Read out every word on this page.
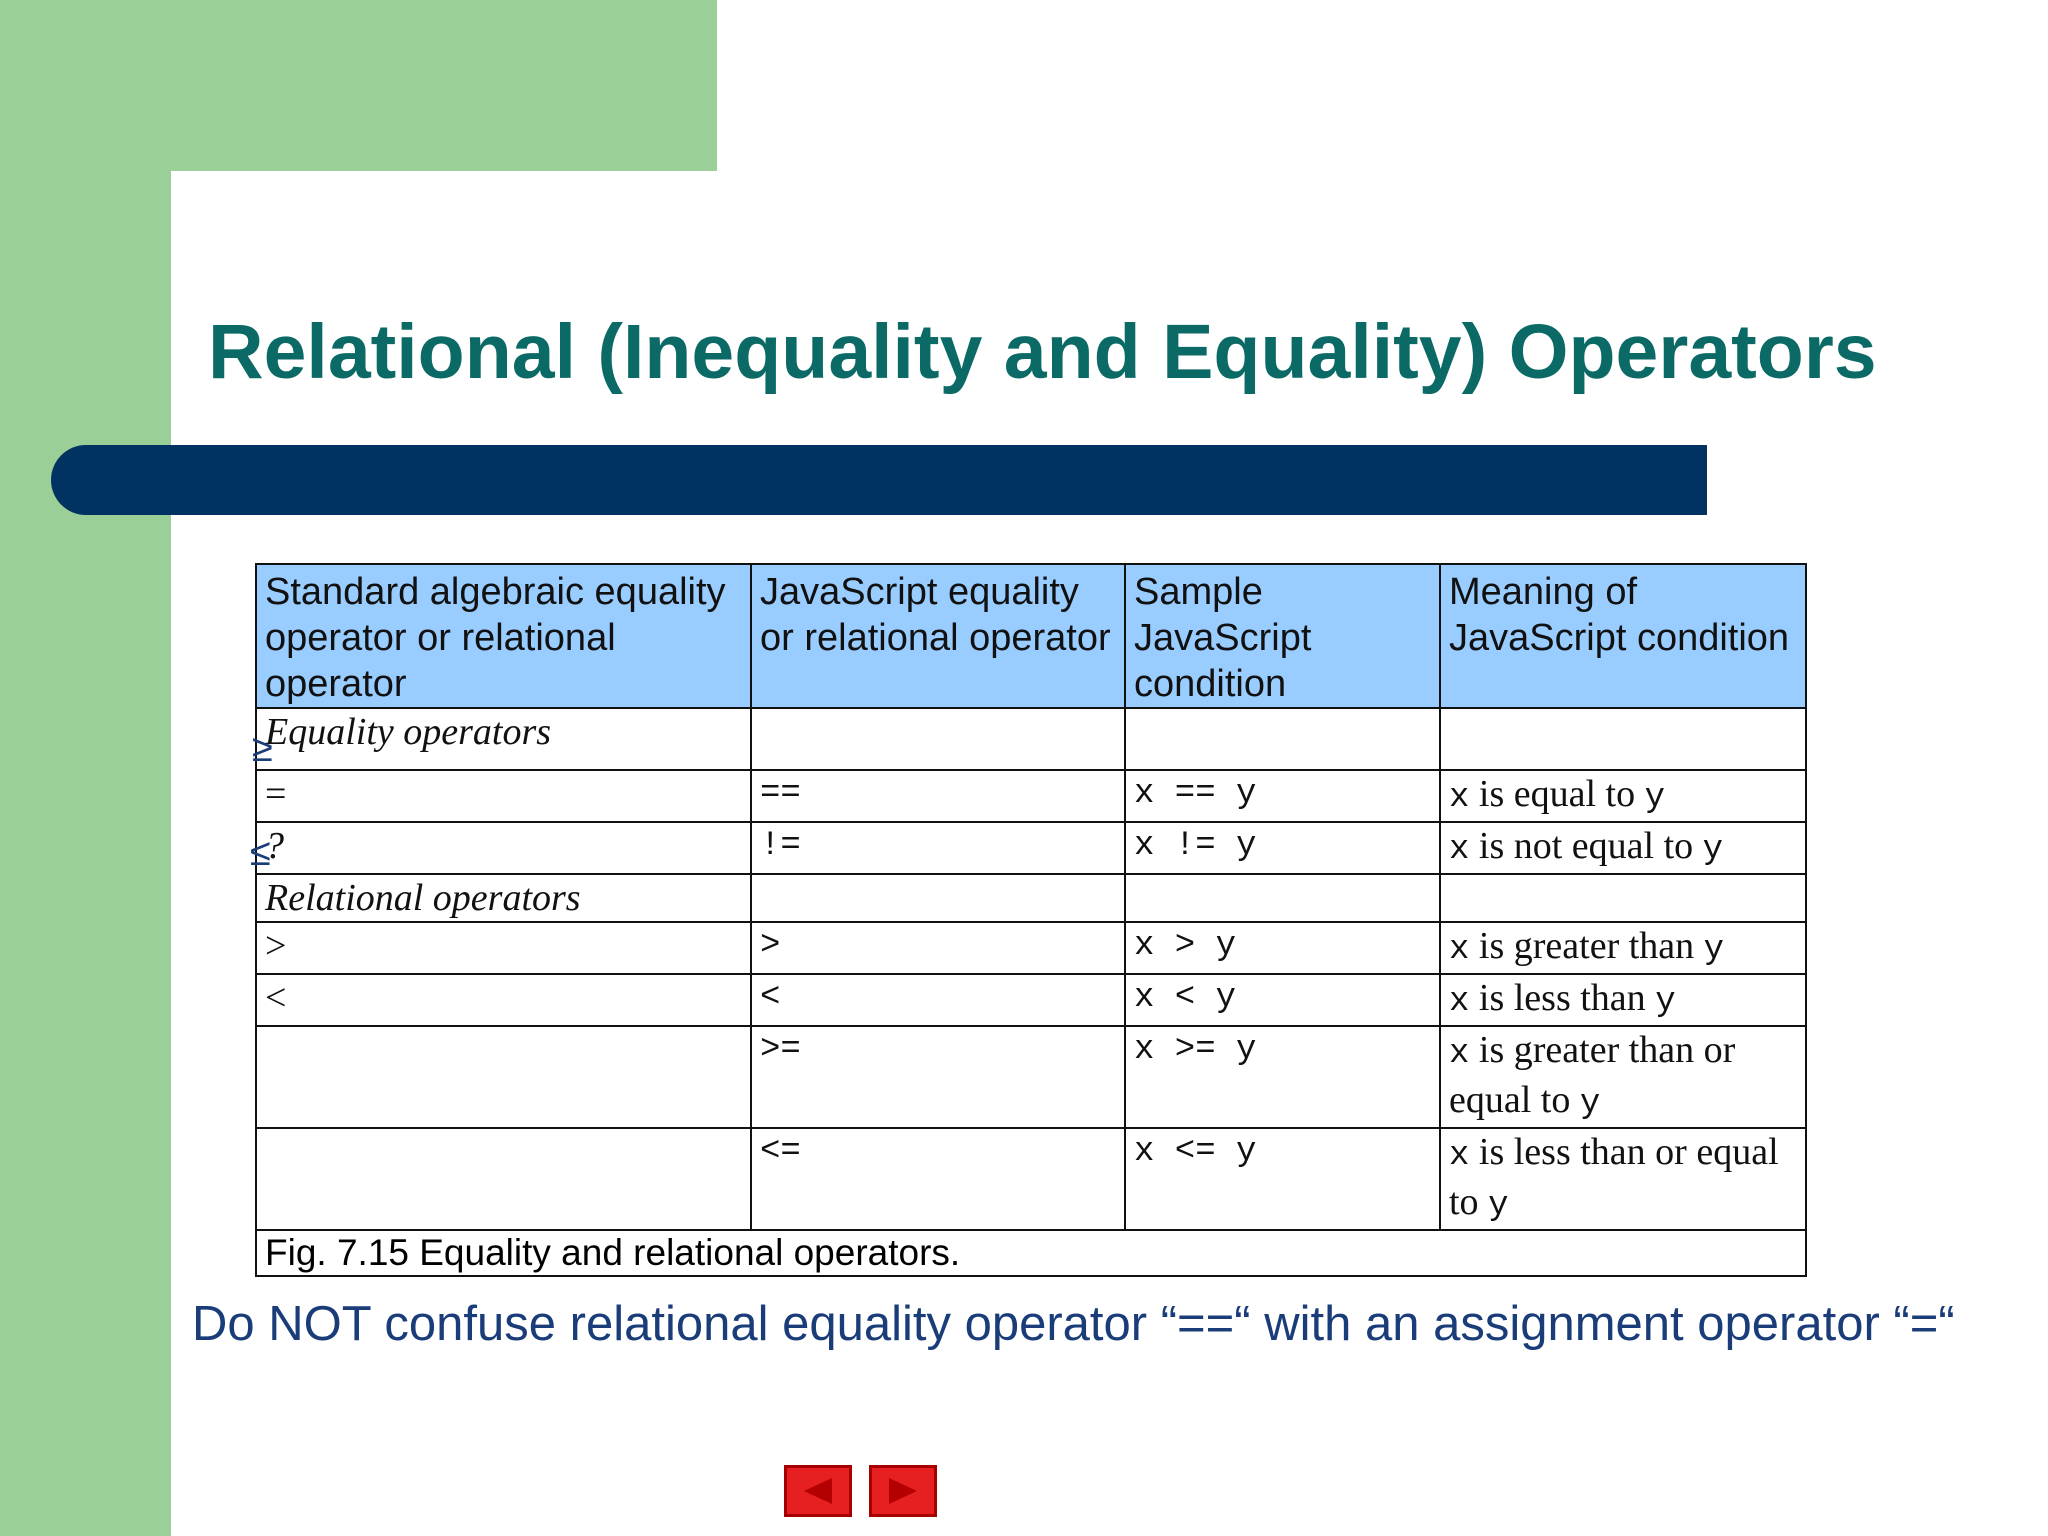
Relational (Inequality and Equality) Operators
Standard algebraic equality operator or relational operator	JavaScript equality or relational operator	Sample JavaScript condition	Meaning of JavaScript condition
Equality operators			
=	==	x == y	x is equal to y
?	!=	x != y	x is not equal to y
Relational operators			
>	>	x > y	x is greater than y
<	<	x < y	x is less than y
	>=	x >= y	x is greater than or equal to y
	<=	x <= y	x is less than or equal to y
Fig. 7.15 Equality and relational operators.			
≥
≤
Do NOT confuse relational equality operator “==“ with an assignment operator “=“
